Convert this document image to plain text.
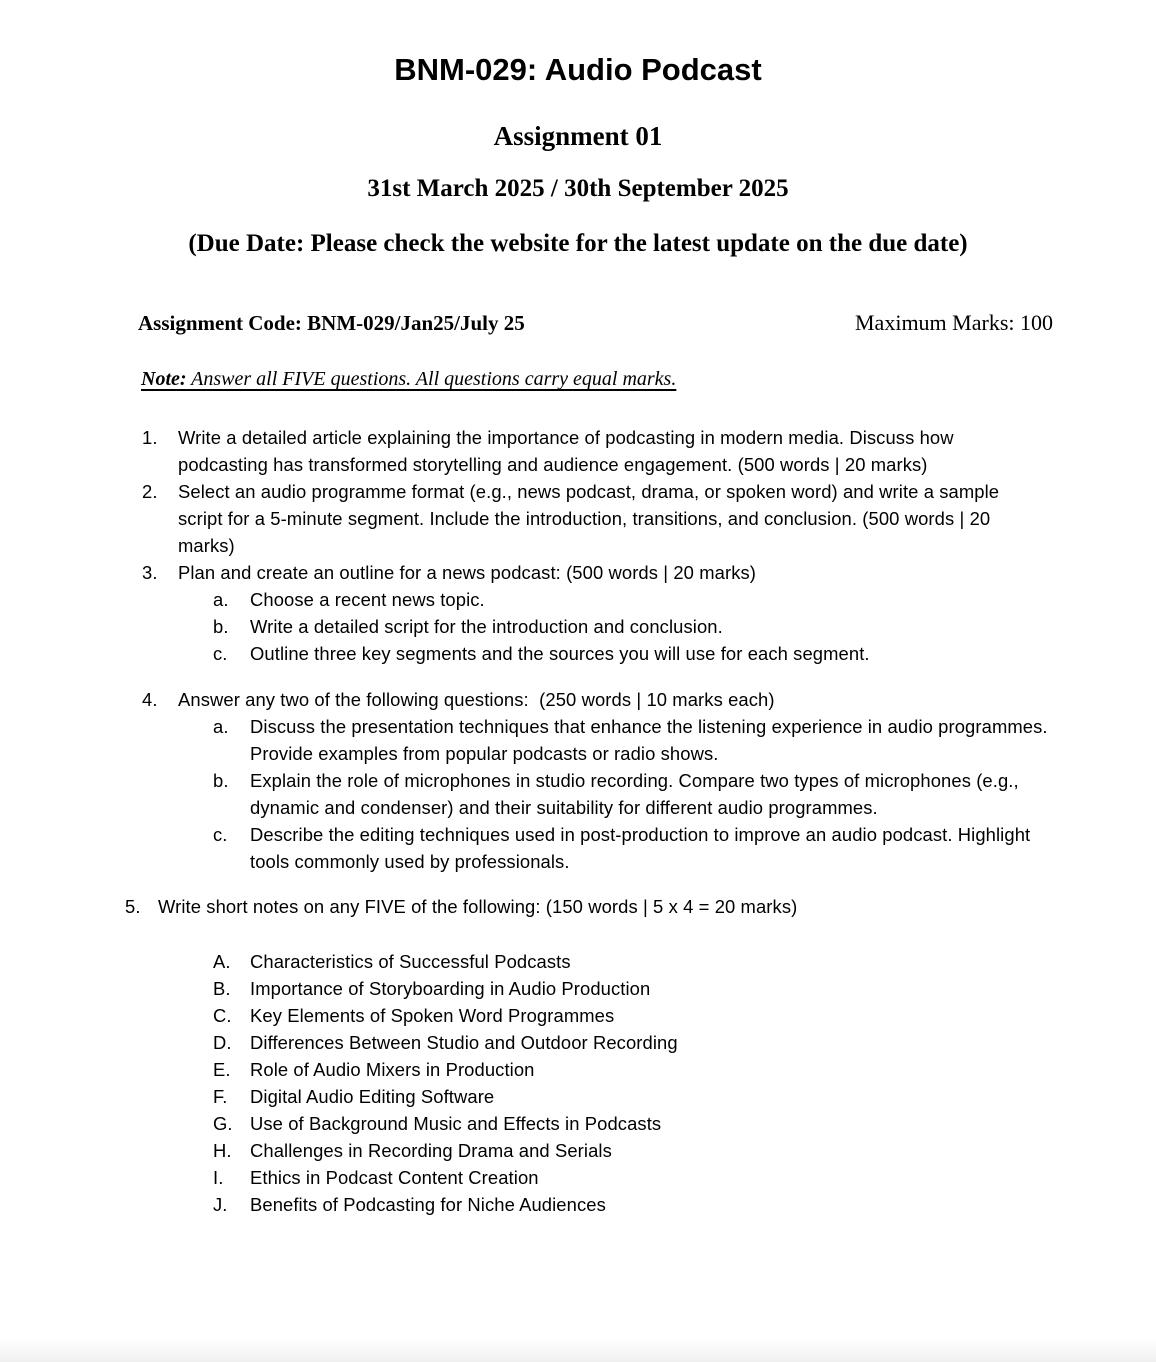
BNM-029: Audio Podcast
Assignment 01
31st March 2025 / 30th September 2025
(Due Date: Please check the website for the latest update on the due date)
Assignment Code: BNM-029/Jan25/July 25	Maximum Marks: 100
Note: Answer all FIVE questions. All questions carry equal marks.
1.	Write a detailed article explaining the importance of podcasting in modern media. Discuss how podcasting has transformed storytelling and audience engagement. (500 words | 20 marks)
2.	Select an audio programme format (e.g., news podcast, drama, or spoken word) and write a sample script for a 5-minute segment. Include the introduction, transitions, and conclusion. (500 words | 20 marks)
3.	Plan and create an outline for a news podcast: (500 words | 20 marks)
a.	Choose a recent news topic.
b.	Write a detailed script for the introduction and conclusion.
c.	Outline three key segments and the sources you will use for each segment.
4.	Answer any two of the following questions:  (250 words | 10 marks each)
a.	Discuss the presentation techniques that enhance the listening experience in audio programmes. Provide examples from popular podcasts or radio shows.
b.	Explain the role of microphones in studio recording. Compare two types of microphones (e.g., dynamic and condenser) and their suitability for different audio programmes.
c.	Describe the editing techniques used in post-production to improve an audio podcast. Highlight tools commonly used by professionals.
5. Write short notes on any FIVE of the following: (150 words | 5 x 4 = 20 marks)
A.	Characteristics of Successful Podcasts
B.	Importance of Storyboarding in Audio Production
C.	Key Elements of Spoken Word Programmes
D.	Differences Between Studio and Outdoor Recording
E.	Role of Audio Mixers in Production
F.	Digital Audio Editing Software
G. Use of Background Music and Effects in Podcasts
H.	Challenges in Recording Drama and Serials
I.	Ethics in Podcast Content Creation
J.	Benefits of Podcasting for Niche Audiences
